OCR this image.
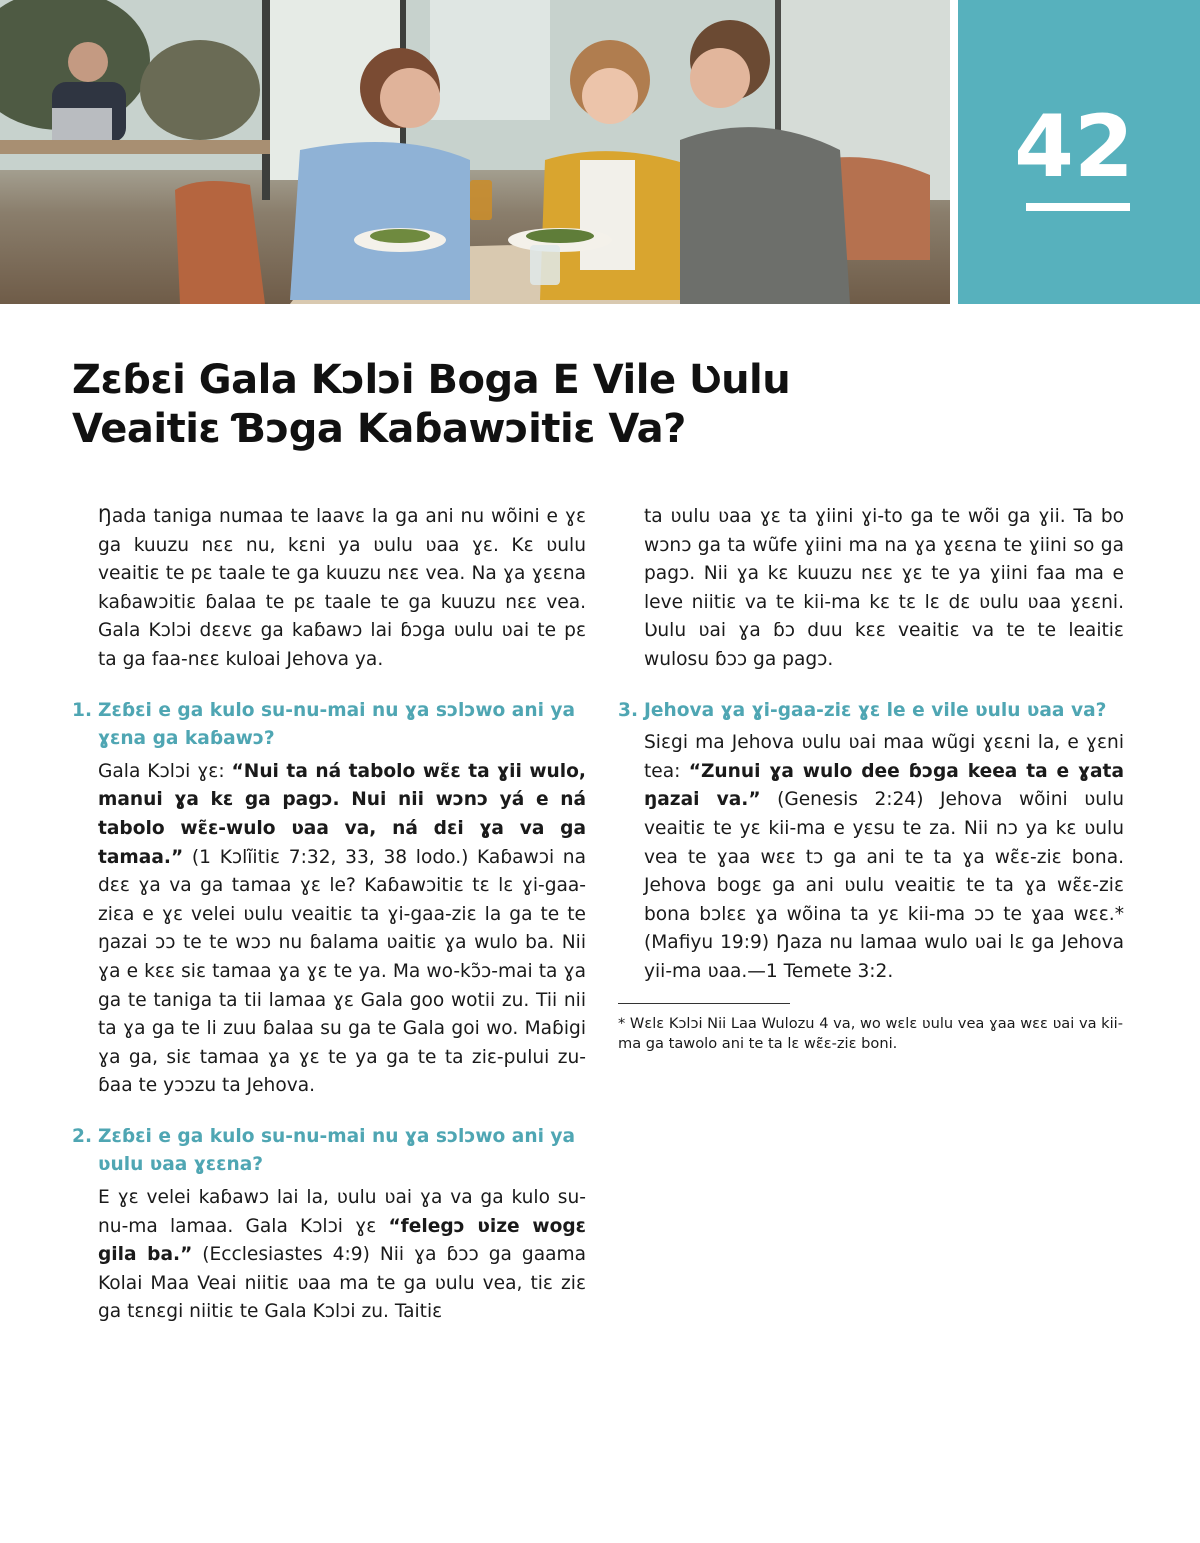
42
Zɛɓɛi Gala Kɔlɔi Boga E Vile Ʋulu Veaitiɛ Ɓɔga Kaɓawɔitiɛ Va?

Ŋada taniga numaa te laavɛ la ga ani nu wõini e ɣɛ ga kuuzu nɛɛ nu, kɛni ya ʋulu ʋaa ɣɛ. Kɛ ʋulu veaitiɛ te pɛ taale te ga kuuzu nɛɛ vea. Na ɣa ɣɛɛna kaɓawɔitiɛ ɓalaa te pɛ taale te ga kuuzu nɛɛ vea. Gala Kɔlɔi dɛɛvɛ ga kaɓawɔ lai ɓɔga ʋulu ʋai te pɛ ta ga faa-nɛɛ kuloai Jehova ya.

1. Zɛɓɛi e ga kulo su-nu-mai nu ɣa sɔlɔwo ani ya ɣɛna ga kaɓawɔ?

Gala Kɔlɔi ɣɛ: “Nui ta ná tabolo wɛ̃ɛ ta ɣii wulo, manui ɣa kɛ ga pagɔ. Nui nii wɔnɔ yá e ná tabolo wɛ̃ɛ-wulo ʋaa va, ná dɛi ɣa va ga tamaa.” (1 Kɔlĩitiɛ 7:32, 33, 38 lodo.) Kaɓawɔi na dɛɛ ɣa va ga tamaa ɣɛ le? Kaɓawɔitiɛ tɛ lɛ ɣi-gaa-ziɛa e ɣɛ velei ʋulu veaitiɛ ta ɣi-gaa-ziɛ la ga te te ŋazai ɔɔ te te wɔɔ nu ɓalama ʋaitiɛ ɣa wulo ba. Nii ɣa e kɛɛ siɛ tamaa ɣa ɣɛ te ya. Ma wo-kɔ̃ɔ-mai ta ɣa ga te taniga ta tii lamaa ɣɛ Gala goo wotii zu. Tii nii ta ɣa ga te li zuu ɓalaa su ga te Gala goi wo. Maɓigi ɣa ga, siɛ tamaa ɣa ɣɛ te ya ga te ta ziɛ-pului zu-ɓaa te yɔɔzu ta Jehova.

2. Zɛɓɛi e ga kulo su-nu-mai nu ɣa sɔlɔwo ani ya ʋulu ʋaa ɣɛɛna?

E ɣɛ velei kaɓawɔ lai la, ʋulu ʋai ɣa va ga kulo su-nu-ma lamaa. Gala Kɔlɔi ɣɛ “felegɔ ʋize wogɛ gila ba.” (Ecclesiastes 4:9) Nii ɣa ɓɔɔ ga gaama Kolai Maa Veai niitiɛ ʋaa ma te ga ʋulu vea, tiɛ ziɛ ga tɛnɛgi niitiɛ te Gala Kɔlɔi zu. Taitiɛ

ta ʋulu ʋaa ɣɛ ta ɣiini ɣi-to ga te wõi ga ɣii. Ta bo wɔnɔ ga ta wũfe ɣiini ma na ɣa ɣɛɛna te ɣiini so ga pagɔ. Nii ɣa kɛ kuuzu nɛɛ ɣɛ te ya ɣiini faa ma e leve niitiɛ va te kii-ma kɛ tɛ lɛ dɛ ʋulu ʋaa ɣɛɛni. Ʋulu ʋai ɣa ɓɔ duu kɛɛ veaitiɛ va te te leaitiɛ wulosu ɓɔɔ ga pagɔ.

3. Jehova ɣa ɣi-gaa-ziɛ ɣɛ le e vile ʋulu ʋaa va?

Siɛgi ma Jehova ʋulu ʋai maa wũgi ɣɛɛni la, e ɣɛni tea: “Zunui ɣa wulo dee ɓɔga keea ta e ɣata ŋazai va.” (Genesis 2:24) Jehova wõini ʋulu veaitiɛ te yɛ kii-ma e yɛsu te za. Nii nɔ ya kɛ ʋulu vea te ɣaa wɛɛ tɔ ga ani te ta ɣa wɛ̃ɛ-ziɛ bona. Jehova bogɛ ga ani ʋulu veaitiɛ te ta ɣa wɛ̃ɛ-ziɛ bona bɔlɛɛ ɣa wõina ta yɛ kii-ma ɔɔ te ɣaa wɛɛ.* (Mafiyu 19:9) Ŋaza nu lamaa wulo ʋai lɛ ga Jehova yii-ma ʋaa.—1 Temete 3:2.

* Wɛlɛ Kɔlɔi Nii Laa Wulozu 4 va, wo wɛlɛ ʋulu vea ɣaa wɛɛ ʋai va kii-ma ga tawolo ani te ta lɛ wɛ̃ɛ-ziɛ boni.
